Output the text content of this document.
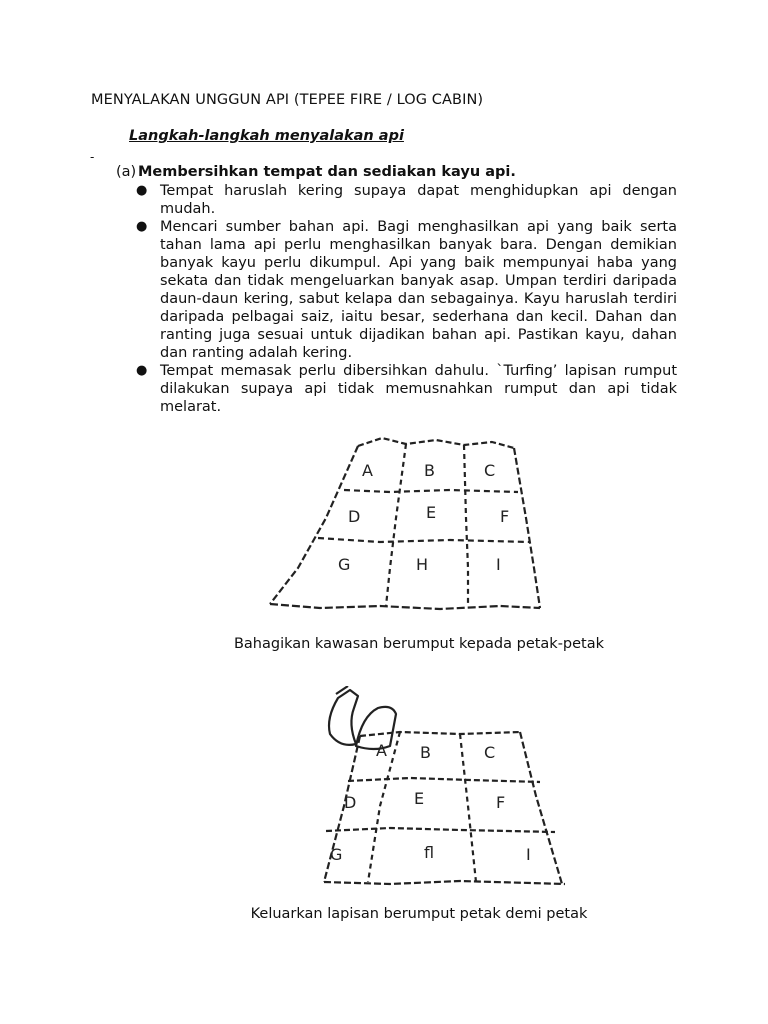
MENYALAKAN UNGGUN API (TEPEE FIRE / LOG CABIN)
Langkah-langkah menyalakan api
-
(a) Membersihkan tempat dan sediakan kayu api.
● Tempat haruslah kering supaya dapat menghidupkan api dengan mudah.
● Mencari sumber bahan api. Bagi menghasilkan api yang baik serta tahan lama api perlu menghasilkan banyak bara. Dengan demikian banyak kayu perlu dikumpul. Api yang baik mempunyai haba yang sekata dan tidak mengeluarkan banyak asap. Umpan terdiri daripada daun-daun kering, sabut kelapa dan sebagainya. Kayu haruslah terdiri daripada pelbagai saiz, iaitu besar, sederhana dan kecil. Dahan dan ranting juga sesuai untuk dijadikan bahan api. Pastikan kayu, dahan dan ranting adalah kering.
● Tempat memasak perlu dibersihkan dahulu. `Turfing’ lapisan rumput dilakukan supaya api tidak memusnahkan rumput dan api tidak melarat.
A	B	C
D	E	F
G	H	I
Bahagikan kawasan berumput kepada petak-petak
A B	C
D	E	F
G	fl	I
Keluarkan lapisan berumput petak demi petak
